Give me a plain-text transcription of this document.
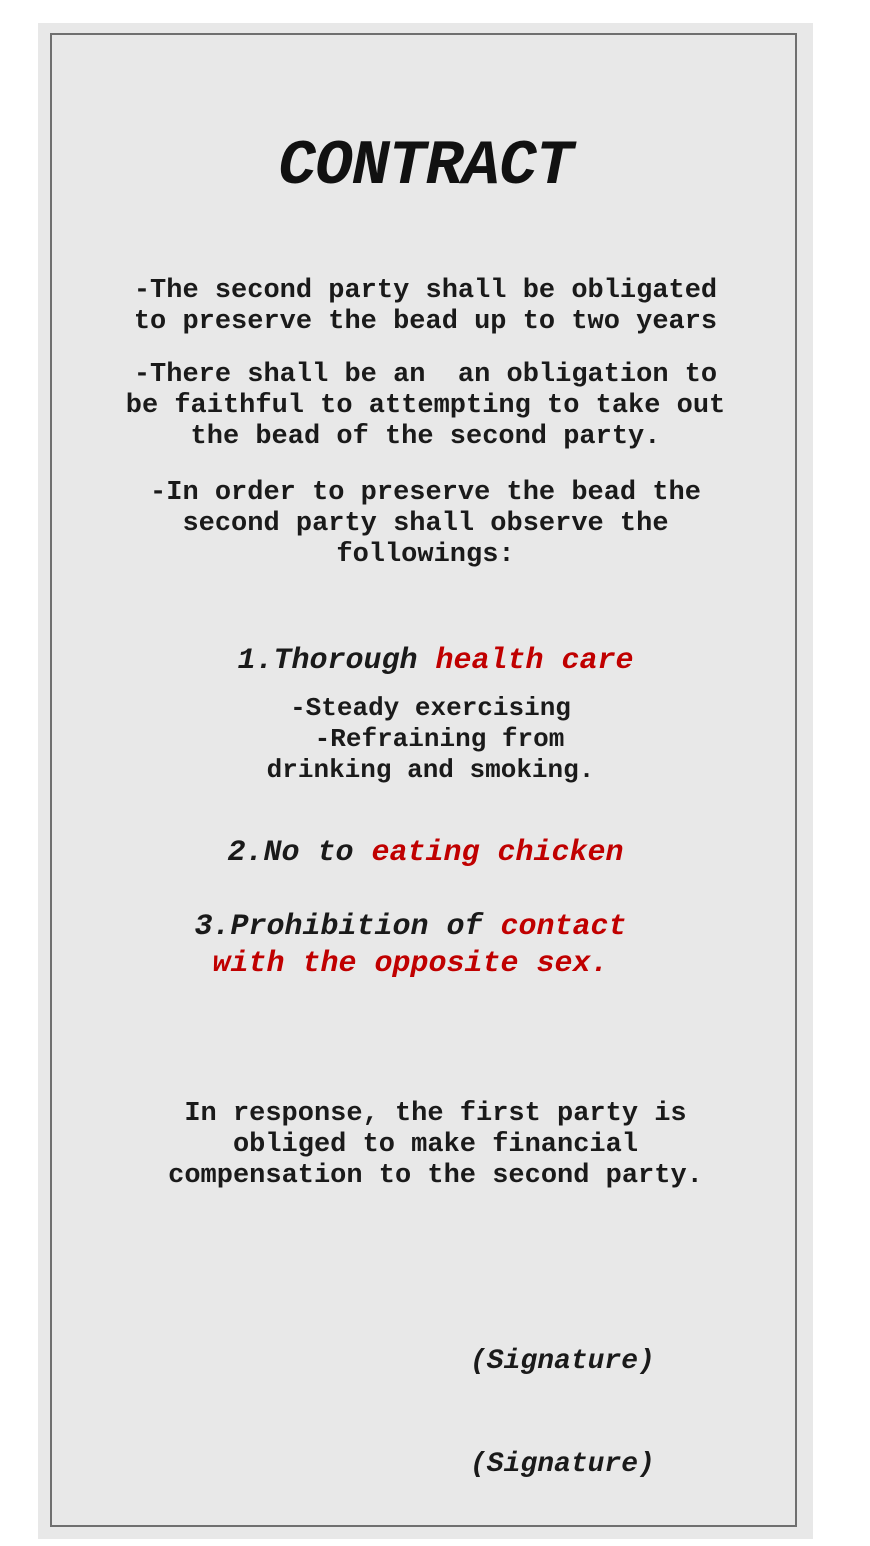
CONTRACT
-The second party shall be obligated
to preserve the bead up to two years
-There shall be an  an obligation to
be faithful to attempting to take out
the bead of the second party.
-In order to preserve the bead the
second party shall observe the
followings:
1.Thorough health care
-Steady exercising
-Refraining from
drinking and smoking.
2.No to eating chicken
3.Prohibition of contact
with the opposite sex.
In response, the first party is
obliged to make financial
compensation to the second party.
(Signature)
(Signature)
